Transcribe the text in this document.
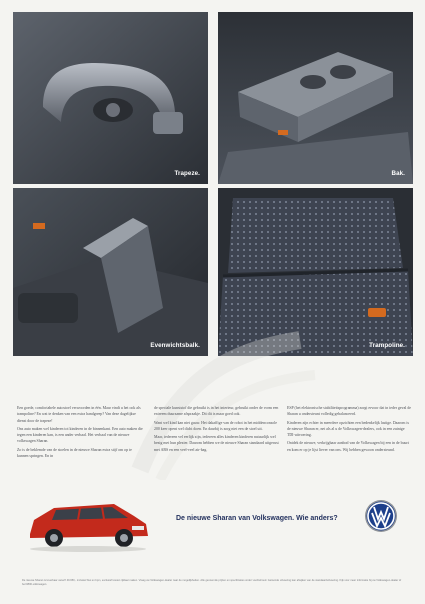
Trapeze.	Bak.
Evenwichtsbalk.	Trampoline.

Een goede, comfortabele autostoel verwoorden in één. Maar vindt u het ook als trampoline? En wat te denken van een extra handgreep? Van deze dagelijkse dienst door de trapeze!

Ons auto maken wel kinderen tot kinderen in de binnenkant. Een auto maken die tegen een kinderen kan, is een ander verhaal. Het verhaal van de nieuwe volkswagen Sharan.

Zo is de beklemde van de stoelen in de nieuwe Sharan extra stijf om op te kunnen springen. En in

de speciale kunststof die gebruikt is in het interieur, gebruikt onder de vorm een extreem duurzame afspraakje. Dit dit is maar goed ook.

Want wel kind kan niet gauw. Het dakaffige van de robot in het middenconsole 200 keer opent wel dicht doen. En daarbij is zorg niet een de stoel uit.

Maar, iedereen vel eerlijk zijn, iedereen alles kinderen kinderen natuurlijk wel bezig met hun plezier. Daarom hebben we de nieuwe Sharan standaard uitgerust met ABS en een veel-veel air-bag.

ESP (het elektronische stabiliteitsprogramma) zorgt ervoor dat in ieder geval de Sharan u ondersteunt volledig gebalanceerd.

Kinderen zijn echter in meerdere opzichten een bedenkelijk lastige. Daarom is de nieuwe Sharan er, net als al u de Volkswagen-dealers, ook in een zuinige TDI-uitvoering.

Ontdek de nieuwe, verkrijgbaar aanbod van de Volkswagen bij een in de buurt en kom er op je lijst liever van ons. Wij hebben gewoon ondersteund.

De nieuwe Sharan van Volkswagen. Wie anders?
De nieuwe Sharan is leverbaar vanaf f 49.950,- inclusief btw en bpm, exclusief kosten rijklaar maken. Vraag uw Volkswagen-dealer naar de mogelijkheden. Alle genoemde prijzen en specificaties onder voorbehoud. Getoonde uitvoering kan afwijken van de standaarduitvoering. Kijk voor meer informatie bij uw Volkswagen-dealer of bel 0800-volkswagen.
